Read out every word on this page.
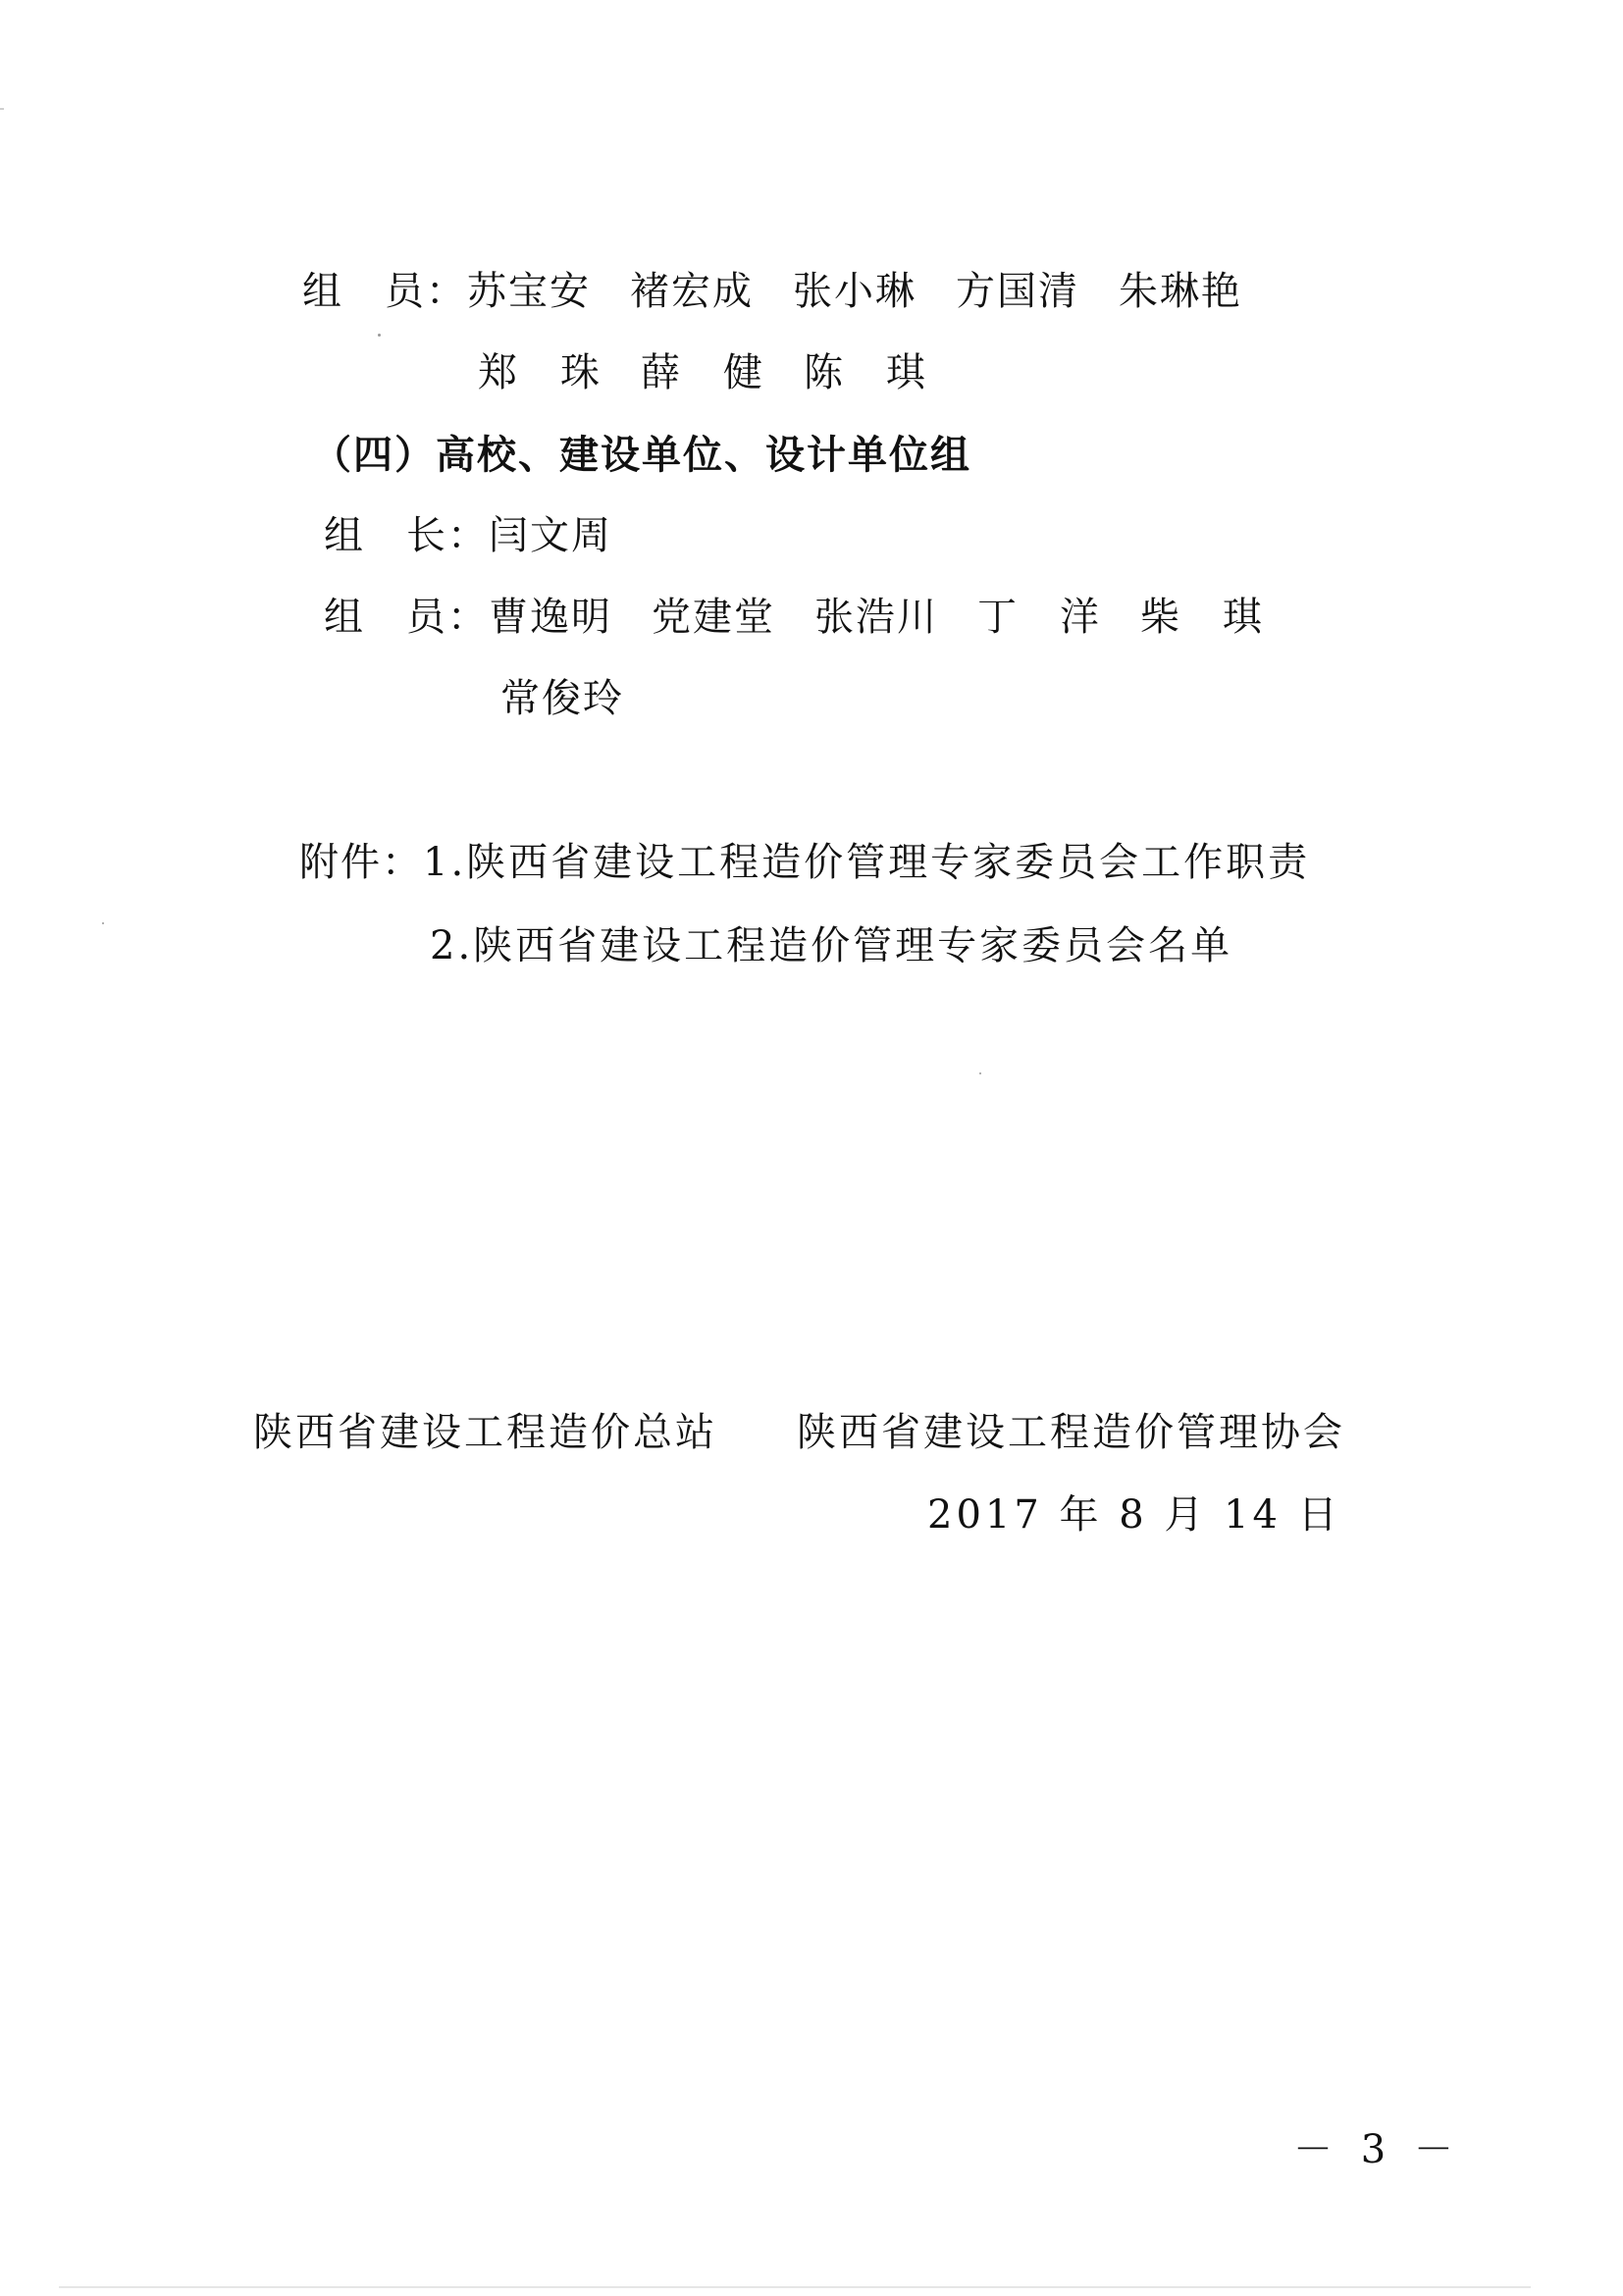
组　员：苏宝安 褚宏成 张小琳 方国清 朱琳艳
郑　珠 薛　健 陈　琪
（四）高校、建设单位、设计单位组
组　长：闫文周
组　员：曹逸明 党建堂 张浩川 丁　洋 柴　琪
常俊玲
附件：1.陕西省建设工程造价管理专家委员会工作职责
2.陕西省建设工程造价管理专家委员会名单
陕西省建设工程造价总站 陕西省建设工程造价管理协会
2017 年 8 月 14 日
－ 3 －
